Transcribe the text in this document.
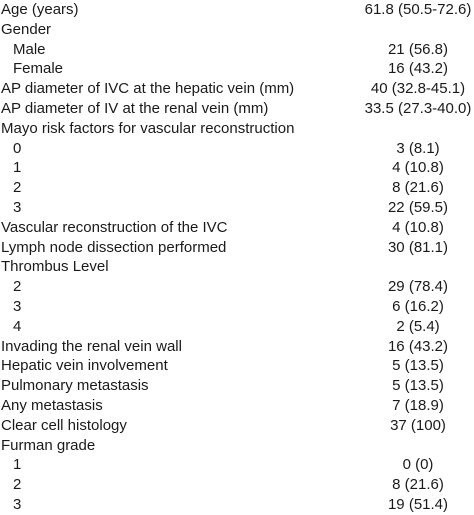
Age (years)	61.8 (50.5-72.6)
Gender
Male	21 (56.8)
Female	16 (43.2)
AP diameter of IVC at the hepatic vein (mm)	40 (32.8-45.1)
AP diameter of IV at the renal vein (mm)	33.5 (27.3-40.0)
Mayo risk factors for vascular reconstruction
0	3 (8.1)
1	4 (10.8)
2	8 (21.6)
3	22 (59.5)
Vascular reconstruction of the IVC	4 (10.8)
Lymph node dissection performed	30 (81.1)
Thrombus Level
2	29 (78.4)
3	6 (16.2)
4	2 (5.4)
Invading the renal vein wall	16 (43.2)
Hepatic vein involvement	5 (13.5)
Pulmonary metastasis	5 (13.5)
Any metastasis	7 (18.9)
Clear cell histology	37 (100)
Furman grade
1	0 (0)
2	8 (21.6)
3	19 (51.4)
